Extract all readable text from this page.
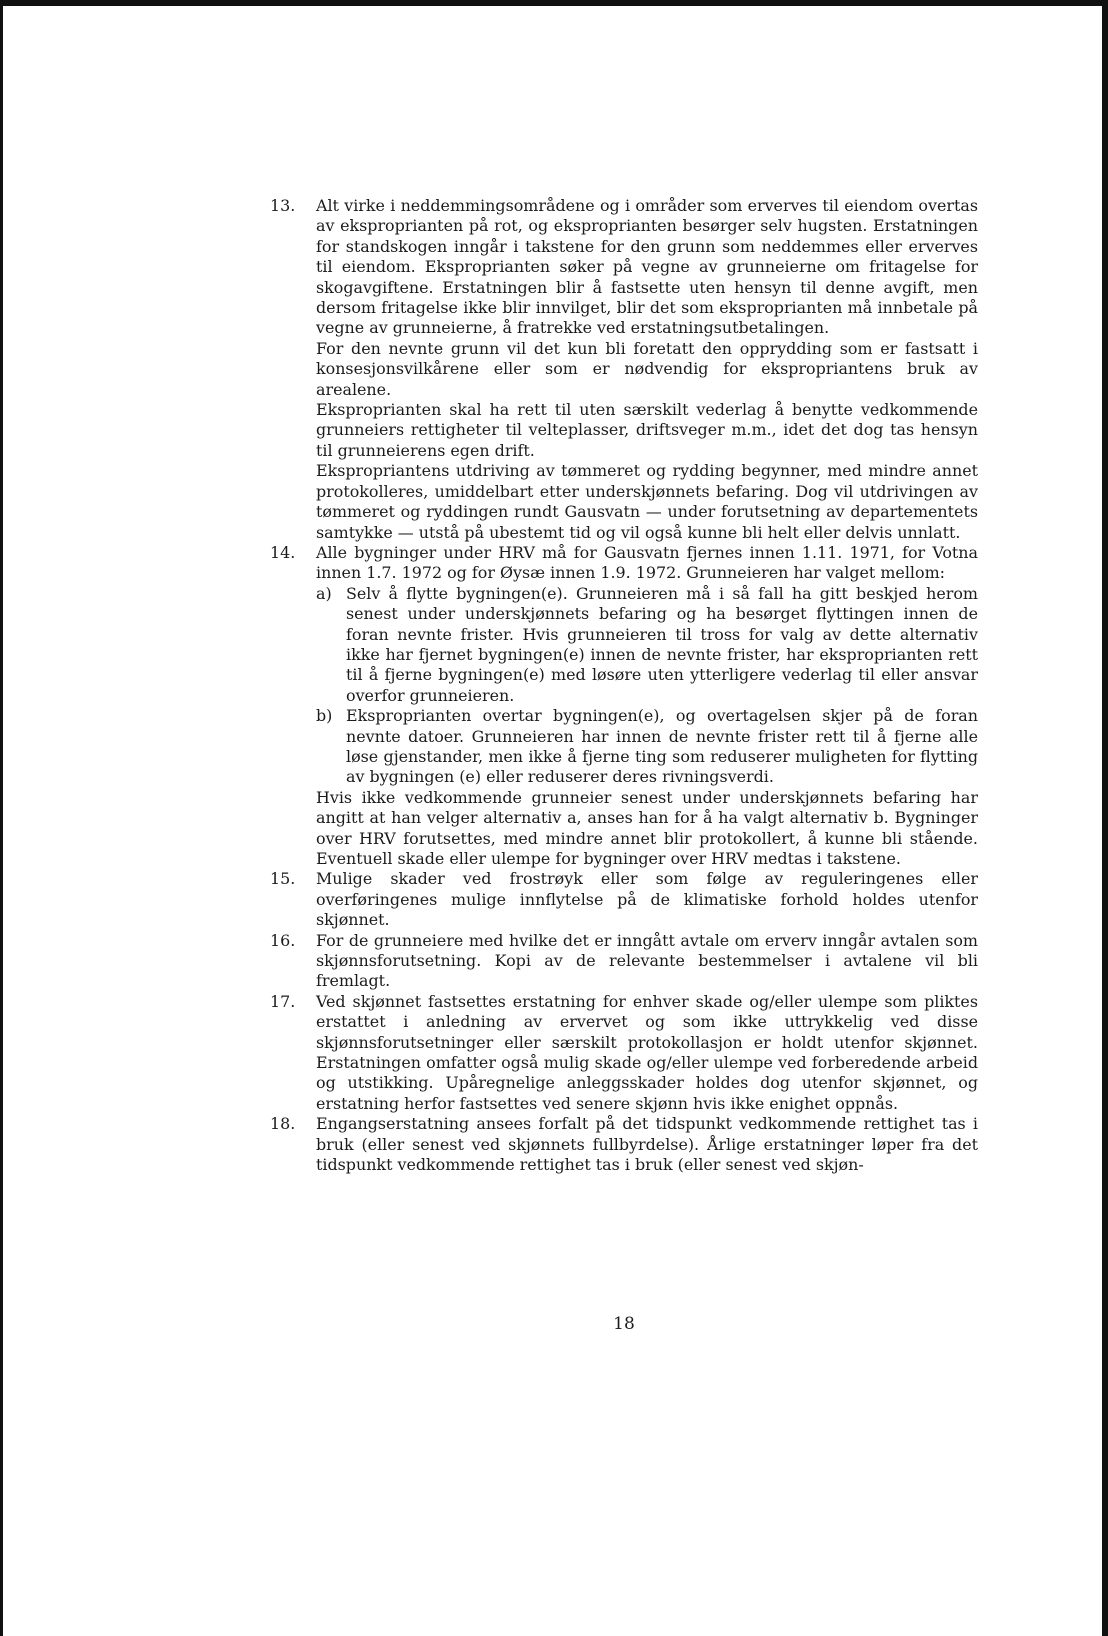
13. Alt virke i neddemmingsområdene og i områder som erverves til eiendom overtas av eksproprianten på rot, og eksproprianten besørger selv hugsten. Erstatningen for standskogen inngår i takstene for den grunn som neddemmes eller erverves til eiendom. Eksproprianten søker på vegne av grunneierne om fritagelse for skogavgiftene. Erstatningen blir å fastsette uten hensyn til denne avgift, men dersom fritagelse ikke blir innvilget, blir det som eksproprianten må innbetale på vegne av grunneierne, å fratrekke ved erstatningsutbetalingen.

For den nevnte grunn vil det kun bli foretatt den opprydding som er fastsatt i konsesjonsvilkårene eller som er nødvendig for ekspropriantens bruk av arealene.

Eksproprianten skal ha rett til uten særskilt vederlag å benytte vedkommende grunneiers rettigheter til velteplasser, driftsveger m.m., idet det dog tas hensyn til grunneierens egen drift.

Ekspropriantens utdriving av tømmeret og rydding begynner, med mindre annet protokolleres, umiddelbart etter underskjønnets befaring. Dog vil utdrivingen av tømmeret og ryddingen rundt Gausvatn — under forutsetning av departementets samtykke — utstå på ubestemt tid og vil også kunne bli helt eller delvis unnlatt.

14. Alle bygninger under HRV må for Gausvatn fjernes innen 1.11. 1971, for Votna innen 1.7. 1972 og for Øysæ innen 1.9. 1972. Grunneieren har valget mellom:

a) Selv å flytte bygningen(e). Grunneieren må i så fall ha gitt beskjed herom senest under underskjønnets befaring og ha besørget flyttingen innen de foran nevnte frister. Hvis grunneieren til tross for valg av dette alternativ ikke har fjernet bygningen(e) innen de nevnte frister, har eksproprianten rett til å fjerne bygningen(e) med løsøre uten ytterligere vederlag til eller ansvar overfor grunneieren.

b) Eksproprianten overtar bygningen(e), og overtagelsen skjer på de foran nevnte datoer. Grunneieren har innen de nevnte frister rett til å fjerne alle løse gjenstander, men ikke å fjerne ting som reduserer muligheten for flytting av bygningen (e) eller reduserer deres rivningsverdi.

Hvis ikke vedkommende grunneier senest under underskjønnets befaring har angitt at han velger alternativ a, anses han for å ha valgt alternativ b. Bygninger over HRV forutsettes, med mindre annet blir protokollert, å kunne bli stående. Eventuell skade eller ulempe for bygninger over HRV medtas i takstene.

15. Mulige skader ved frostrøyk eller som følge av reguleringenes eller overføringenes mulige innflytelse på de klimatiske forhold holdes utenfor skjønnet.

16. For de grunneiere med hvilke det er inngått avtale om erverv inngår avtalen som skjønnsforutsetning. Kopi av de relevante bestemmelser i avtalene vil bli fremlagt.

17. Ved skjønnet fastsettes erstatning for enhver skade og/eller ulempe som pliktes erstattet i anledning av ervervet og som ikke uttrykkelig ved disse skjønnsforutsetninger eller særskilt protokollasjon er holdt utenfor skjønnet. Erstatningen omfatter også mulig skade og/eller ulempe ved forberedende arbeid og utstikking. Upåregnelige anleggsskader holdes dog utenfor skjønnet, og erstatning herfor fastsettes ved senere skjønn hvis ikke enighet oppnås.

18. Engangserstatning ansees forfalt på det tidspunkt vedkommende rettighet tas i bruk (eller senest ved skjønnets fullbyrdelse). Årlige erstatninger løper fra det tidspunkt vedkommende rettighet tas i bruk (eller senest ved skjøn-

18
